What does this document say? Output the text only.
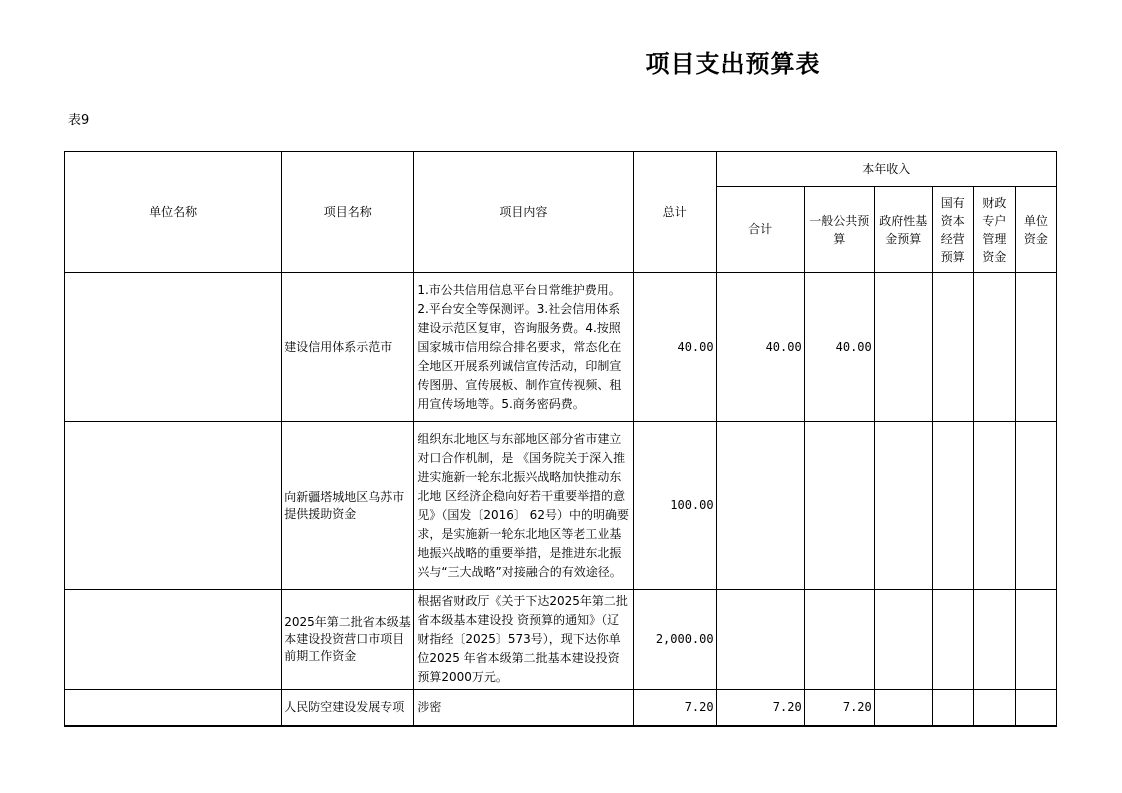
项目支出预算表
表9
单位名称	项目名称	项目内容	总计	本年收入					
				合计	一般公共预算	政府性基金预算	国有资本经营预算	财政专户管理资金	单位资金
	建设信用体系示范市	1.市公共信用信息平台日常维护费用。2.平台安全等保测评。3.社会信用体系建设示范区复审，咨询服务费。4.按照国家城市信用综合排名要求，常态化在全地区开展系列诚信宣传活动，印制宣传图册、宣传展板、制作宣传视频、租用宣传场地等。5.商务密码费。	40.00	40.00	40.00				
	向新疆塔城地区乌苏市提供援助资金	组织东北地区与东部地区部分省市建立对口合作机制，是 《国务院关于深入推进实施新一轮东北振兴战略加快推动东北地 区经济企稳向好若干重要举措的意见》（国发〔2016〕 62号）中的明确要求，是实施新一轮东北地区等老工业基地振兴战略的重要举措，是推进东北振兴与“三大战略”对接融合的有效途径。	100.00						
	2025年第二批省本级基本建设投资营口市项目前期工作资金	根据省财政厅《关于下达2025年第二批省本级基本建设投 资预算的通知》（辽财指经〔2025〕573号），现下达你单位2025 年省本级第二批基本建设投资预算2000万元。	2,000.00						
	人民防空建设发展专项	涉密	7.20	7.20	7.20				
